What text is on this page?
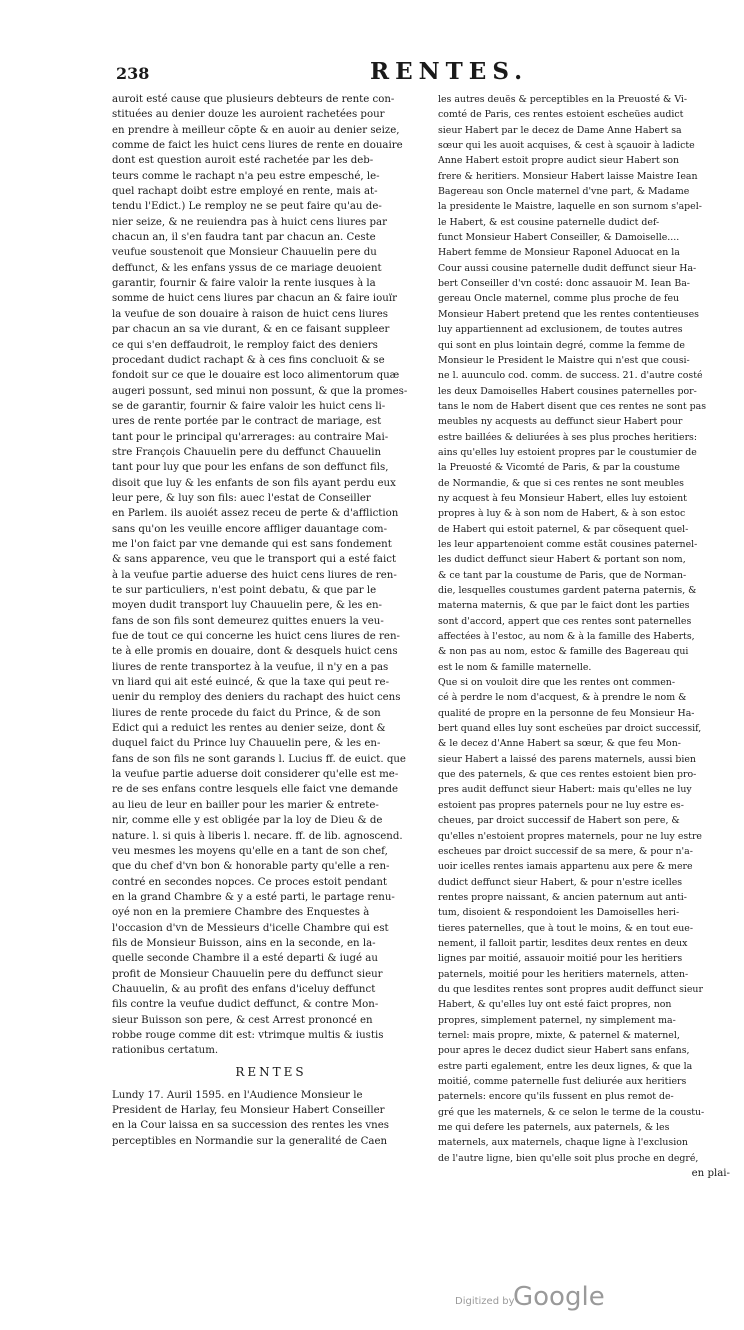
238	RENTES.
auroit esté cause que plusieurs debteurs de rente con-
stituées au denier douze les auroient rachetées pour
en prendre à meilleur cõpte & en auoir au denier seize,
comme de faict les huict cens liures de rente en douaire
dont est question auroit esté rachetée par les deb-
teurs comme le rachapt n'a peu estre empesché, le-
quel rachapt doibt estre employé en rente, mais at-
tendu l'Edict.) Le remploy ne se peut faire qu'au de-
nier seize, & ne reuiendra pas à huict cens liures par
chacun an, il s'en faudra tant par chacun an. Ceste
veufue soustenoit que Monsieur Chauuelin pere du
deffunct, & les enfans yssus de ce mariage deuoient
garantir, fournir & faire valoir la rente iusques à la
somme de huict cens liures par chacun an & faire iouïr
la veufue de son douaire à raison de huict cens liures
par chacun an sa vie durant, & en ce faisant suppleer
ce qui s'en deffaudroit, le remploy faict des deniers
procedant dudict rachapt & à ces fins concluoit & se
fondoit sur ce que le douaire est loco alimentorum quæ
augeri possunt, sed minui non possunt, & que la promes-
se de garantir, fournir & faire valoir les huict cens li-
ures de rente portée par le contract de mariage, est
tant pour le principal qu'arrerages: au contraire Mai-
stre François Chauuelin pere du deffunct Chauuelin
tant pour luy que pour les enfans de son deffunct fils,
disoit que luy & les enfants de son fils ayant perdu eux
leur pere, & luy son fils: auec l'estat de Conseiller
en Parlem. ils auoiét assez receu de perte & d'affliction
sans qu'on les veuille encore affliger dauantage com-
me l'on faict par vne demande qui est sans fondement
& sans apparence, veu que le transport qui a esté faict
à la veufue partie aduerse des huict cens liures de ren-
te sur particuliers, n'est point debatu, & que par le
moyen dudit transport luy Chauuelin pere, & les en-
fans de son fils sont demeurez quittes enuers la veu-
fue de tout ce qui concerne les huict cens liures de ren-
te à elle promis en douaire, dont & desquels huict cens
liures de rente transportez à la veufue, il n'y en a pas
vn liard qui ait esté euincé, & que la taxe qui peut re-
uenir du remploy des deniers du rachapt des huict cens
liures de rente procede du faict du Prince, & de son
Edict qui a reduict les rentes au denier seize, dont &
duquel faict du Prince luy Chauuelin pere, & les en-
fans de son fils ne sont garands l. Lucius ff. de euict. que
la veufue partie aduerse doit considerer qu'elle est me-
re de ses enfans contre lesquels elle faict vne demande
au lieu de leur en bailler pour les marier & entrete-
nir, comme elle y est obligée par la loy de Dieu & de
nature. l. si quis à liberis l. necare. ff. de lib. agnoscend.
veu mesmes les moyens qu'elle en a tant de son chef,
que du chef d'vn bon & honorable party qu'elle a ren-
contré en secondes nopces. Ce proces estoit pendant
en la grand Chambre & y a esté parti, le partage renu-
oyé non en la premiere Chambre des Enquestes à
l'occasion d'vn de Messieurs d'icelle Chambre qui est
fils de Monsieur Buisson, ains en la seconde, en la-
quelle seconde Chambre il a esté departi & iugé au
profit de Monsieur Chauuelin pere du deffunct sieur
Chauuelin, & au profit des enfans d'iceluy deffunct
fils contre la veufue dudict deffunct, & contre Mon-
sieur Buisson son pere, & cest Arrest prononcé en
robbe rouge comme dit est: vtrimque multis & iustis
rationibus certatum.
RENTES
Lundy 17. Auril 1595. en l'Audience Monsieur le
President de Harlay, feu Monsieur Habert Conseiller
en la Cour laissa en sa succession des rentes les vnes
perceptibles en Normandie sur la generalité de Caen
les autres deuës & perceptibles en la Preuosté & Vi-
comté de Paris, ces rentes estoient escheües audict
sieur Habert par le decez de Dame Anne Habert sa
sœur qui les auoit acquises, & cest à sçauoir à ladicte
Anne Habert estoit propre audict sieur Habert son
frere & heritiers. Monsieur Habert laisse Maistre Iean
Bagereau son Oncle maternel d'vne part, & Madame
la presidente le Maistre, laquelle en son surnom s'apel-
le Habert, & est cousine paternelle dudict def-
funct Monsieur Habert Conseiller, & Damoiselle....
Habert femme de Monsieur Raponel Aduocat en la
Cour aussi cousine paternelle dudit deffunct sieur Ha-
bert Conseiller d'vn costé: donc assauoir M. Iean Ba-
gereau Oncle maternel, comme plus proche de feu
Monsieur Habert pretend que les rentes contentieuses
luy appartiennent ad exclusionem, de toutes autres
qui sont en plus lointain degré, comme la femme de
Monsieur le President le Maistre qui n'est que cousi-
ne l. auunculo cod. comm. de success. 21. d'autre costé
les deux Damoiselles Habert cousines paternelles por-
tans le nom de Habert disent que ces rentes ne sont pas
meubles ny acquests au deffunct sieur Habert pour
estre baillées & deliurées à ses plus proches heritiers:
ains qu'elles luy estoient propres par le coustumier de
la Preuosté & Vicomté de Paris, & par la coustume
de Normandie, & que si ces rentes ne sont meubles
ny acquest à feu Monsieur Habert, elles luy estoient
propres à luy & à son nom de Habert, & à son estoc
de Habert qui estoit paternel, & par cõsequent quel-
les leur appartenoient comme estãt cousines paternel-
les dudict deffunct sieur Habert & portant son nom,
& ce tant par la coustume de Paris, que de Norman-
die, lesquelles coustumes gardent paterna paternis, &
materna maternis, & que par le faict dont les parties
sont d'accord, appert que ces rentes sont paternelles
affectées à l'estoc, au nom & à la famille des Haberts,
& non pas au nom, estoc & famille des Bagereau qui
est le nom & famille maternelle.
Que si on vouloit dire que les rentes ont commen-
cé à perdre le nom d'acquest, & à prendre le nom &
qualité de propre en la personne de feu Monsieur Ha-
bert quand elles luy sont escheües par droict successif,
& le decez d'Anne Habert sa sœur, & que feu Mon-
sieur Habert a laissé des parens maternels, aussi bien
que des paternels, & que ces rentes estoient bien pro-
pres audit deffunct sieur Habert: mais qu'elles ne luy
estoient pas propres paternels pour ne luy estre es-
cheues, par droict successif de Habert son pere, &
qu'elles n'estoient propres maternels, pour ne luy estre
escheues par droict successif de sa mere, & pour n'a-
uoir icelles rentes iamais appartenu aux pere & mere
dudict deffunct sieur Habert, & pour n'estre icelles
rentes propre naissant, & ancien paternum aut anti-
tum, disoient & respondoient les Damoiselles heri-
tieres paternelles, que à tout le moins, & en tout eue-
nement, il falloit partir, lesdites deux rentes en deux
lignes par moitié, assauoir moitié pour les heritiers
paternels, moitié pour les heritiers maternels, atten-
du que lesdites rentes sont propres audit deffunct sieur
Habert, & qu'elles luy ont esté faict propres, non
propres, simplement paternel, ny simplement ma-
ternel: mais propre, mixte, & paternel & maternel,
pour apres le decez dudict sieur Habert sans enfans,
estre parti egalement, entre les deux lignes, & que la
moitié, comme paternelle fust deliurée aux heritiers
paternels: encore qu'ils fussent en plus remot de-
gré que les maternels, & ce selon le terme de la coustu-
me qui defere les paternels, aux paternels, & les
maternels, aux maternels, chaque ligne à l'exclusion
de l'autre ligne, bien qu'elle soit plus proche en degré,
en plai-
Digitized by
Google
